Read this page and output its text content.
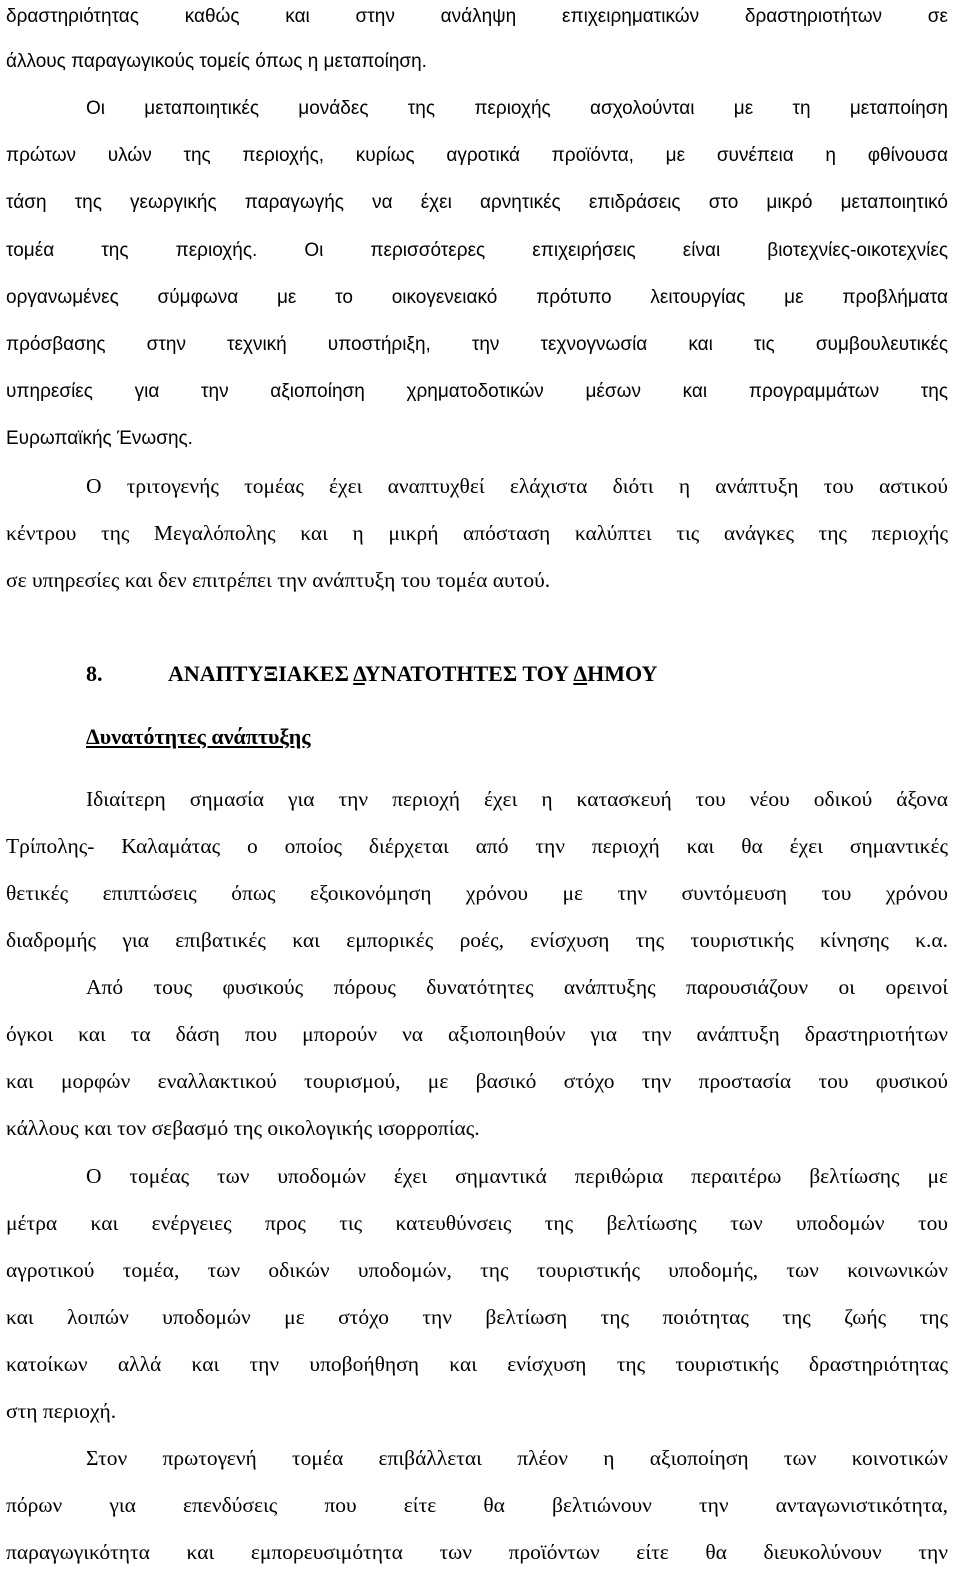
δραστηριότητας καθώς και στην ανάληψη επιχειρηματικών δραστηριοτήτων σε
άλλους παραγωγικούς τομείς όπως η μεταποίηση.
Οι μεταποιητικές μονάδες της περιοχής ασχολούνται με τη μεταποίηση
πρώτων υλών της περιοχής, κυρίως αγροτικά προϊόντα, με συνέπεια η φθίνουσα
τάση της γεωργικής παραγωγής να έχει αρνητικές επιδράσεις στο μικρό μεταποιητικό
τομέα της περιοχής. Οι περισσότερες επιχειρήσεις είναι βιοτεχνίες-οικοτεχνίες
οργανωμένες σύμφωνα με το οικογενειακό πρότυπο λειτουργίας με προβλήματα
πρόσβασης στην τεχνική υποστήριξη, την τεχνογνωσία και τις συμβουλευτικές
υπηρεσίες για την αξιοποίηση χρηματοδοτικών μέσων και προγραμμάτων της
Ευρωπαϊκής Ένωσης.
Ο τριτογενής τομέας έχει αναπτυχθεί ελάχιστα διότι η ανάπτυξη του αστικού
κέντρου της Μεγαλόπολης και η μικρή απόσταση καλύπτει τις ανάγκες της περιοχής
σε υπηρεσίες και δεν επιτρέπει την ανάπτυξη του τομέα αυτού.
8.	ΑΝΑΠΤΥΞΙΑΚΕΣ ΔΥΝΑΤΟΤΗΤΕΣ ΤΟΥ ΔΗΜΟΥ
Δυνατότητες ανάπτυξης
Ιδιαίτερη σημασία για την περιοχή έχει η κατασκευή του νέου οδικού άξονα
Τρίπολης- Καλαμάτας ο οποίος διέρχεται από την περιοχή και θα έχει σημαντικές
θετικές επιπτώσεις όπως εξοικονόμηση χρόνου με την συντόμευση του χρόνου
διαδρομής για επιβατικές και εμπορικές ροές, ενίσχυση της τουριστικής κίνησης κ.α.
Από τους φυσικούς πόρους δυνατότητες ανάπτυξης παρουσιάζουν οι ορεινοί
όγκοι και τα δάση που μπορούν να αξιοποιηθούν για την ανάπτυξη δραστηριοτήτων
και μορφών εναλλακτικού τουρισμού, με βασικό στόχο την προστασία του φυσικού
κάλλους και τον σεβασμό της οικολογικής ισορροπίας.
Ο τομέας των υποδομών έχει σημαντικά περιθώρια περαιτέρω βελτίωσης με
μέτρα και ενέργειες προς τις κατευθύνσεις της βελτίωσης των υποδομών του
αγροτικού τομέα, των οδικών υποδομών, της τουριστικής υποδομής, των κοινωνικών
και λοιπών υποδομών με στόχο την βελτίωση της ποιότητας της ζωής της
κατοίκων αλλά και την υποβοήθηση και ενίσχυση της τουριστικής δραστηριότητας
στη περιοχή.
Στον πρωτογενή τομέα επιβάλλεται πλέον η αξιοποίηση των κοινοτικών
πόρων για επενδύσεις που είτε θα βελτιώνουν την ανταγωνιστικότητα,
παραγωγικότητα και εμπορευσιμότητα των προϊόντων είτε θα διευκολύνουν την
